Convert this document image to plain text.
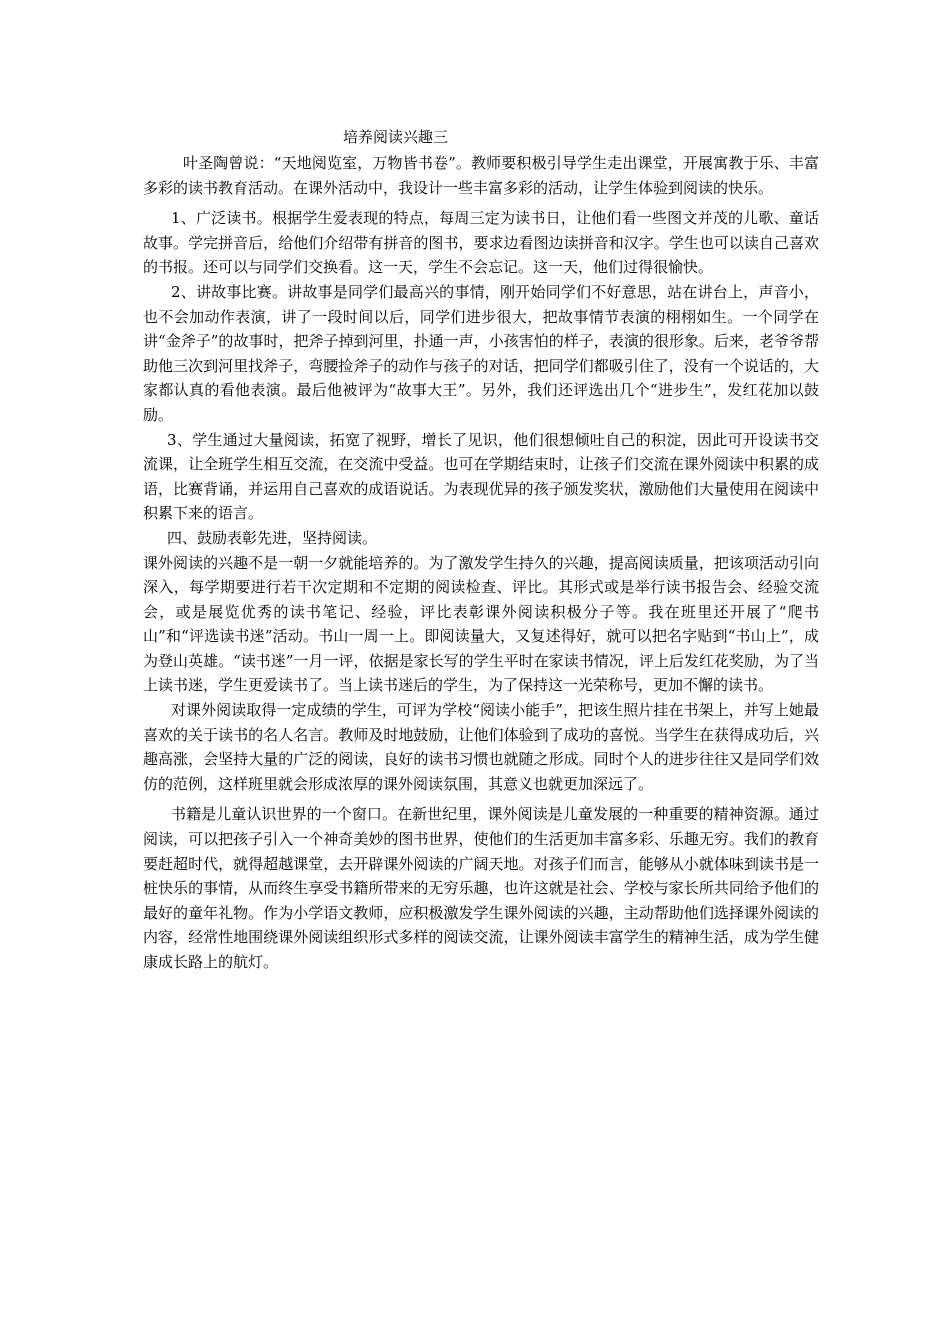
培养阅读兴趣三

叶圣陶曾说：“天地阅览室，万物皆书卷”。教师要积极引导学生走出课堂，开展寓教于乐、丰富多彩的读书教育活动。在课外活动中，我设计一些丰富多彩的活动，让学生体验到阅读的快乐。

1、广泛读书。根据学生爱表现的特点，每周三定为读书日，让他们看一些图文并茂的儿歌、童话故事。学完拼音后，给他们介绍带有拼音的图书，要求边看图边读拼音和汉字。学生也可以读自己喜欢的书报。还可以与同学们交换看。这一天，学生不会忘记。这一天，他们过得很愉快。

2、讲故事比赛。讲故事是同学们最高兴的事情，刚开始同学们不好意思，站在讲台上，声音小，也不会加动作表演，讲了一段时间以后，同学们进步很大，把故事情节表演的栩栩如生。一个同学在讲“金斧子”的故事时，把斧子掉到河里，扑通一声，小孩害怕的样子，表演的很形象。后来，老爷爷帮助他三次到河里找斧子，弯腰捡斧子的动作与孩子的对话，把同学们都吸引住了，没有一个说话的，大家都认真的看他表演。最后他被评为“故事大王”。另外，我们还评选出几个“进步生”，发红花加以鼓励。

3、学生通过大量阅读，拓宽了视野，增长了见识，他们很想倾吐自己的积淀，因此可开设读书交流课，让全班学生相互交流，在交流中受益。也可在学期结束时，让孩子们交流在课外阅读中积累的成语，比赛背诵，并运用自己喜欢的成语说话。为表现优异的孩子颁发奖状，激励他们大量使用在阅读中积累下来的语言。

四、鼓励表彰先进，坚持阅读。

课外阅读的兴趣不是一朝一夕就能培养的。为了激发学生持久的兴趣，提高阅读质量，把该项活动引向深入，每学期要进行若干次定期和不定期的阅读检查、评比。其形式或是举行读书报告会、经验交流会，或是展览优秀的读书笔记、经验，评比表彰课外阅读积极分子等。我在班里还开展了“爬书山”和“评选读书迷”活动。书山一周一上。即阅读量大，又复述得好，就可以把名字贴到“书山上”，成为登山英雄。“读书迷”一月一评，依据是家长写的学生平时在家读书情况，评上后发红花奖励，为了当上读书迷，学生更爱读书了。当上读书迷后的学生，为了保持这一光荣称号，更加不懈的读书。

对课外阅读取得一定成绩的学生，可评为学校“阅读小能手”，把该生照片挂在书架上，并写上她最喜欢的关于读书的名人名言。教师及时地鼓励，让他们体验到了成功的喜悦。当学生在获得成功后，兴趣高涨，会坚持大量的广泛的阅读，良好的读书习惯也就随之形成。同时个人的进步往往又是同学们效仿的范例，这样班里就会形成浓厚的课外阅读氛围，其意义也就更加深远了。

书籍是儿童认识世界的一个窗口。在新世纪里，课外阅读是儿童发展的一种重要的精神资源。通过阅读，可以把孩子引入一个神奇美妙的图书世界，使他们的生活更加丰富多彩、乐趣无穷。我们的教育要赶超时代，就得超越课堂，去开辟课外阅读的广阔天地。对孩子们而言，能够从小就体味到读书是一桩快乐的事情，从而终生享受书籍所带来的无穷乐趣，也许这就是社会、学校与家长所共同给予他们的最好的童年礼物。作为小学语文教师，应积极激发学生课外阅读的兴趣，主动帮助他们选择课外阅读的内容，经常性地围绕课外阅读组织形式多样的阅读交流，让课外阅读丰富学生的精神生活，成为学生健康成长路上的航灯。
